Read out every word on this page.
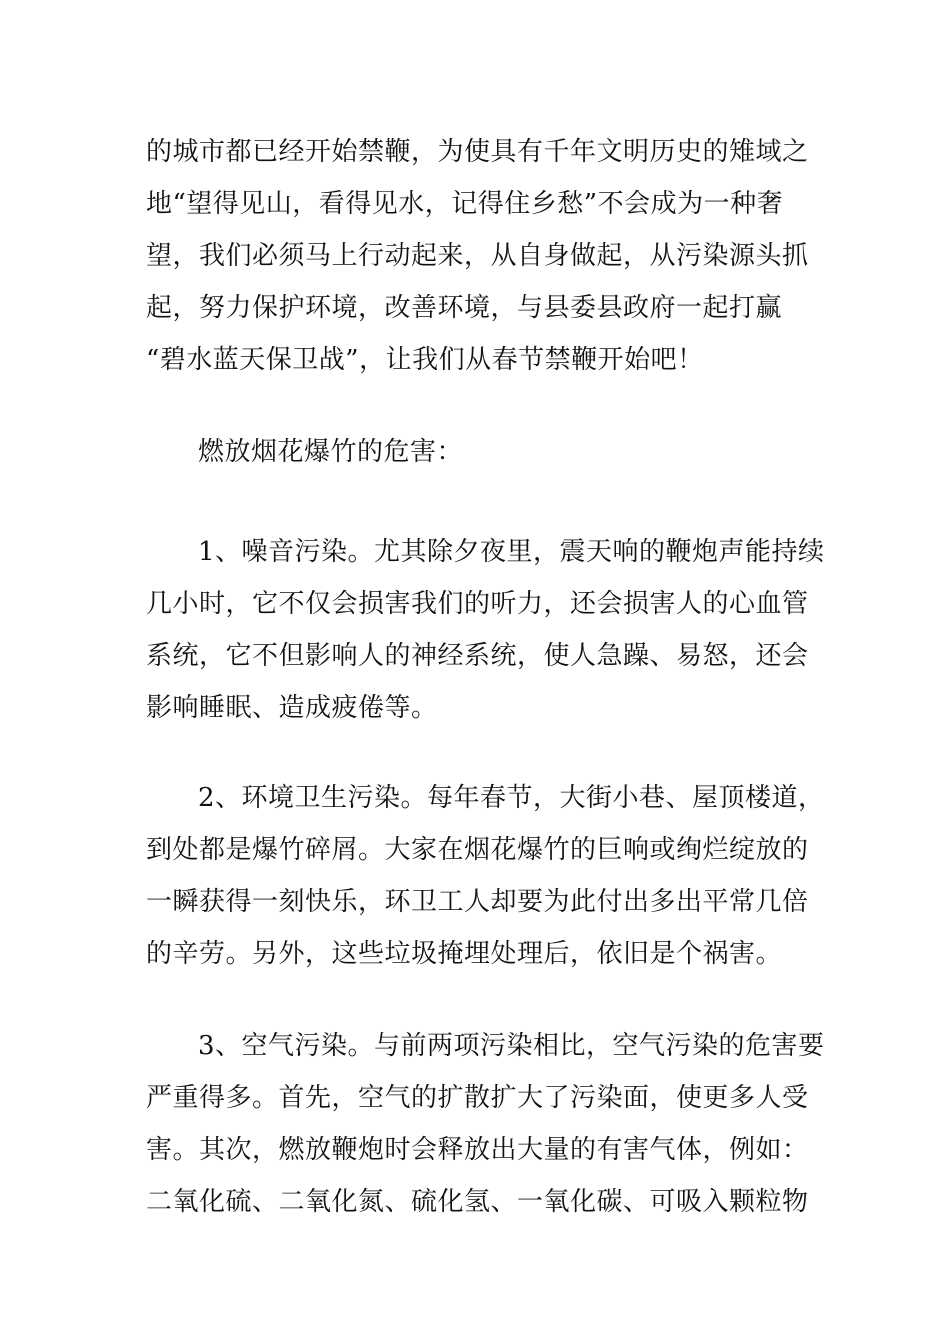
的城市都已经开始禁鞭，为使具有千年文明历史的雉域之
地“望得见山，看得见水，记得住乡愁”不会成为一种奢
望，我们必须马上行动起来，从自身做起，从污染源头抓
起，努力保护环境，改善环境，与县委县政府一起打赢
“碧水蓝天保卫战”，让我们从春节禁鞭开始吧！
燃放烟花爆竹的危害：
1、噪音污染。尤其除夕夜里，震天响的鞭炮声能持续
几小时，它不仅会损害我们的听力，还会损害人的心血管
系统，它不但影响人的神经系统，使人急躁、易怒，还会
影响睡眠、造成疲倦等。
2、环境卫生污染。每年春节，大街小巷、屋顶楼道，
到处都是爆竹碎屑。大家在烟花爆竹的巨响或绚烂绽放的
一瞬获得一刻快乐，环卫工人却要为此付出多出平常几倍
的辛劳。另外，这些垃圾掩埋处理后，依旧是个祸害。
3、空气污染。与前两项污染相比，空气污染的危害要
严重得多。首先，空气的扩散扩大了污染面，使更多人受
害。其次，燃放鞭炮时会释放出大量的有害气体，例如：
二氧化硫、二氧化氮、硫化氢、一氧化碳、可吸入颗粒物
